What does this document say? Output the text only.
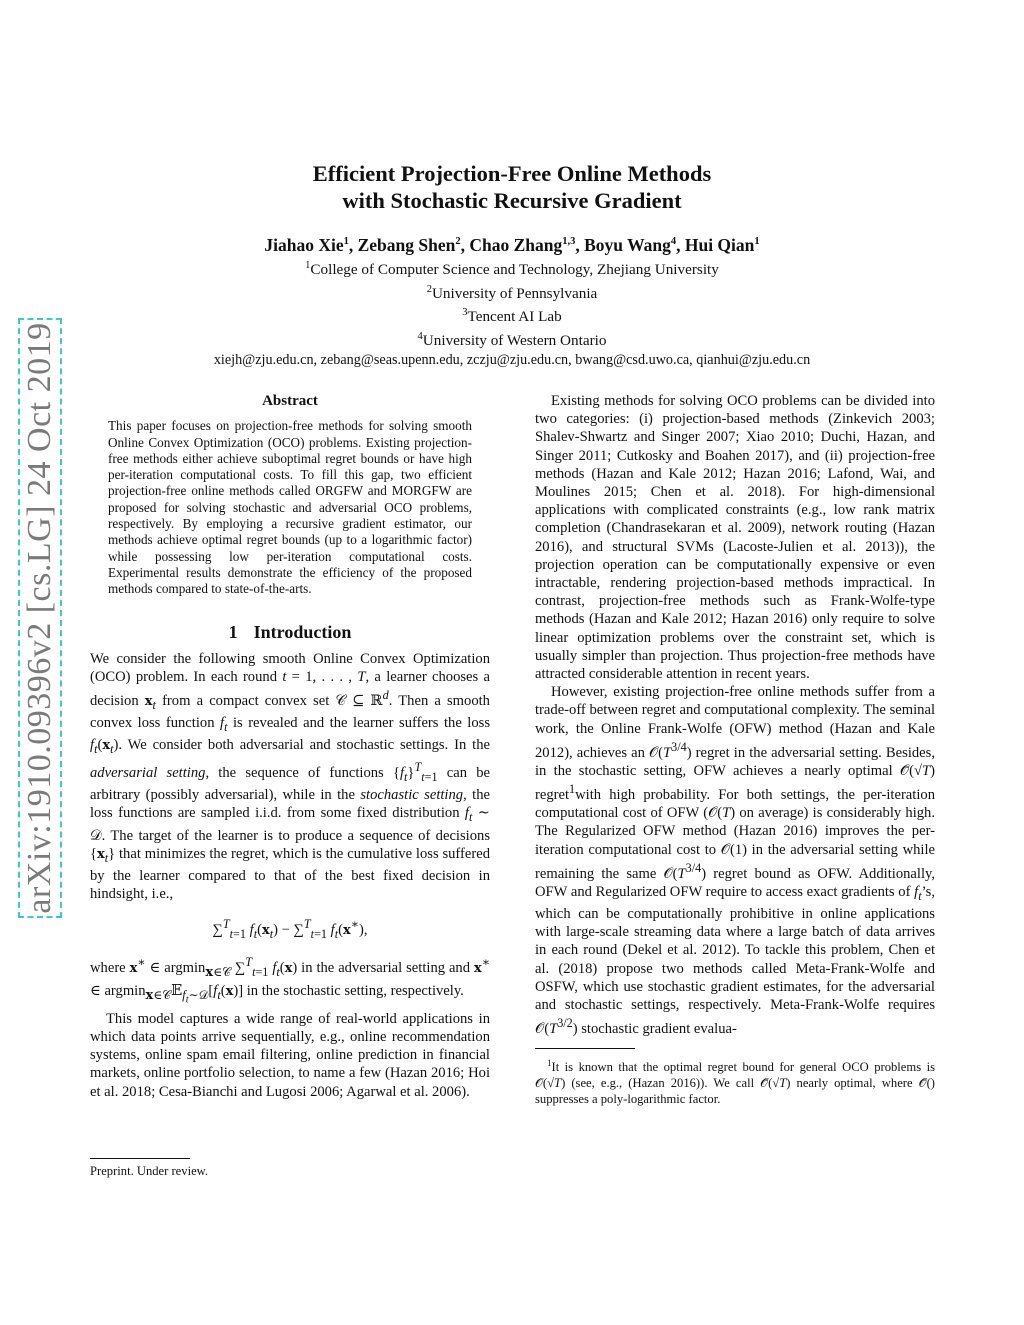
arXiv:1910.09396v2 [cs.LG] 24 Oct 2019
Efficient Projection-Free Online Methods
with Stochastic Recursive Gradient
Jiahao Xie$^1$, Zebang Shen$^2$, Chao Zhang$^{1,3}$, Boyu Wang$^4$, Hui Qian$^1$
$^1$College of Computer Science and Technology, Zhejiang University
$^2$University of Pennsylvania
$^3$Tencent AI Lab
$^4$University of Western Ontario
xiejh@zju.edu.cn, zebang@seas.upenn.edu, zczju@zju.edu.cn, bwang@csd.uwo.ca, qianhui@zju.edu.cn
Abstract

This paper focuses on projection-free methods for solving smooth Online Convex Optimization (OCO) problems. Existing projection-free methods either achieve suboptimal regret bounds or have high per-iteration computational costs. To fill this gap, two efficient projection-free online methods called ORGFW and MORGFW are proposed for solving stochastic and adversarial OCO problems, respectively. By employing a recursive gradient estimator, our methods achieve optimal regret bounds (up to a logarithmic factor) while possessing low per-iteration computational costs. Experimental results demonstrate the efficiency of the proposed methods compared to state-of-the-arts.

1 Introduction

We consider the following smooth Online Convex Optimization (OCO) problem. In each round t = 1, . . . , T, a learner chooses a decision $x_t$ from a compact convex set 𝒞 ⊆ ℝ$^d$. Then a smooth convex loss function $f_t$ is revealed and the learner suffers the loss $f_t(x_t)$. We consider both adversarial and stochastic settings. In the adversarial setting, the sequence of functions $\{f_t\}^T_{t=1}$ can be arbitrary (possibly adversarial), while in the stochastic setting, the loss functions are sampled i.i.d. from some fixed distribution $f_t$ ∼ 𝒟. The target of the learner is to produce a sequence of decisions $\{x_t\}$ that minimizes the regret, which is the cumulative loss suffered by the learner compared to that of the best fixed decision in hindsight, i.e.,

∑$^T_{t=1}$ $f_t(x_t) - \sum^T_{t=1}$ $f_t(x^∗)$,

where x∗ ∈ argmin$_{x\in 𝒞}$ ∑$^T_{t=1}$ $f_t(x)$ in the adversarial setting and x∗ ∈ $argmin_{x\in 𝒞}𝔼_{f_t\sim 𝒟}[f_t(x)]$ in the stochastic setting, respectively.

This model captures a wide range of real-world applications in which data points arrive sequentially, e.g., online recommendation systems, online spam email filtering, online prediction in financial markets, online portfolio selection, to name a few (Hazan 2016; Hoi et al. 2018; Cesa-Bianchi and Lugosi 2006; Agarwal et al. 2006).

Existing methods for solving OCO problems can be divided into two categories: (i) projection-based methods (Zinkevich 2003; Shalev-Shwartz and Singer 2007; Xiao 2010; Duchi, Hazan, and Singer 2011; Cutkosky and Boahen 2017), and (ii) projection-free methods (Hazan and Kale 2012; Hazan 2016; Lafond, Wai, and Moulines 2015; Chen et al. 2018). For high-dimensional applications with complicated constraints (e.g., low rank matrix completion (Chandrasekaran et al. 2009), network routing (Hazan 2016), and structural SVMs (Lacoste-Julien et al. 2013)), the projection operation can be computationally expensive or even intractable, rendering projection-based methods impractical. In contrast, projection-free methods such as Frank-Wolfe-type methods (Hazan and Kale 2012; Hazan 2016) only require to solve linear optimization problems over the constraint set, which is usually simpler than projection. Thus projection-free methods have attracted considerable attention in recent years.

However, existing projection-free online methods suffer from a trade-off between regret and computational complexity. The seminal work, the Online Frank-Wolfe (OFW) method (Hazan and Kale 2012), achieves an $𝒪(T^{3/4})$ regret in the adversarial setting. Besides, in the stochastic setting, OFW achieves a nearly optimal 𝒪̃(√T) regret$^1$with high probability. For both settings, the per-iteration computational cost of OFW (𝒪(T) on average) is considerably high. The Regularized OFW method (Hazan 2016) improves the per-iteration computational cost to 𝒪(1) in the adversarial setting while remaining the same $𝒪(T^{3/4})$ regret bound as OFW. Additionally, OFW and Regularized OFW require to access exact gradients of $f_t’s$, which can be computationally prohibitive in online applications with large-scale streaming data where a large batch of data arrives in each round (Dekel et al. 2012). To tackle this problem, Chen et al. (2018) propose two methods called Meta-Frank-Wolfe and OSFW, which use stochastic gradient estimates, for the adversarial and stochastic settings, respectively. Meta-Frank-Wolfe requires $𝒪(T^{3/2})$ stochastic gradient evalua-

$^1$It is known that the optimal regret bound for general OCO problems is 𝒪(√T) (see, e.g., (Hazan 2016)). We call 𝒪̃(√T) nearly optimal, where 𝒪̃() suppresses a poly-logarithmic factor.

Preprint. Under review.
